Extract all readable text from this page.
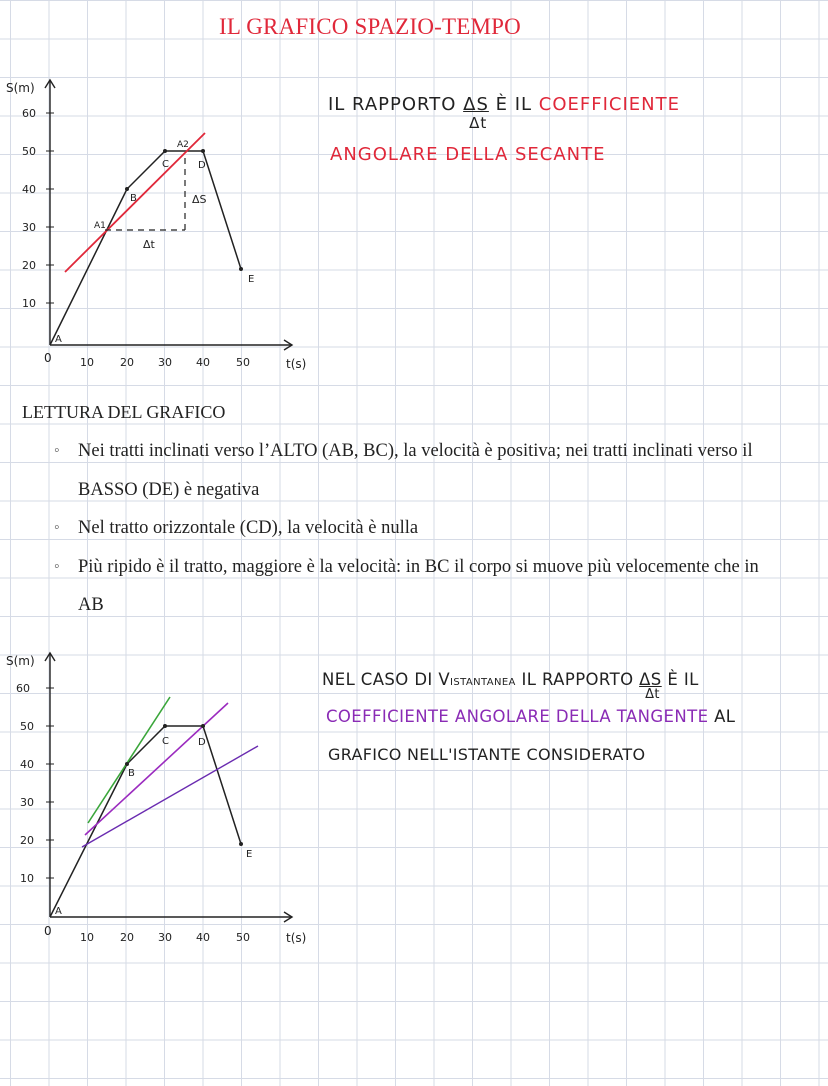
IL GRAFICO SPAZIO-TEMPO
S(m)
t(s)
0
60
50
40
30
20
10
10 20 30 40 50
A
B
C	D
E
A1
A2
ΔS
Δt
IL RAPPORTO ΔS
Δt
È IL COEFFICIENTE
ANGOLARE DELLA SECANTE
LETTURA DEL GRAFICO
◦ Nei tratti inclinati verso l’ALTO (AB, BC), la velocità è positiva; nei tratti inclinati verso il BASSO (DE) è negativa
◦ Nel tratto orizzontale (CD), la velocità è nulla
◦ Più ripido è il tratto, maggiore è la velocità: in BC il corpo si muove più velocemente che in AB
S(m)
t(s)
0
60
50
40
30
20
10
10 20 30 40 50
A
B
C	D
E
NEL CASO DI VISTANTANEA IL RAPPORTO ΔS
Δt
È IL
COEFFICIENTE ANGOLARE DELLA TANGENTE AL
GRAFICO NELL'ISTANTE CONSIDERATO
